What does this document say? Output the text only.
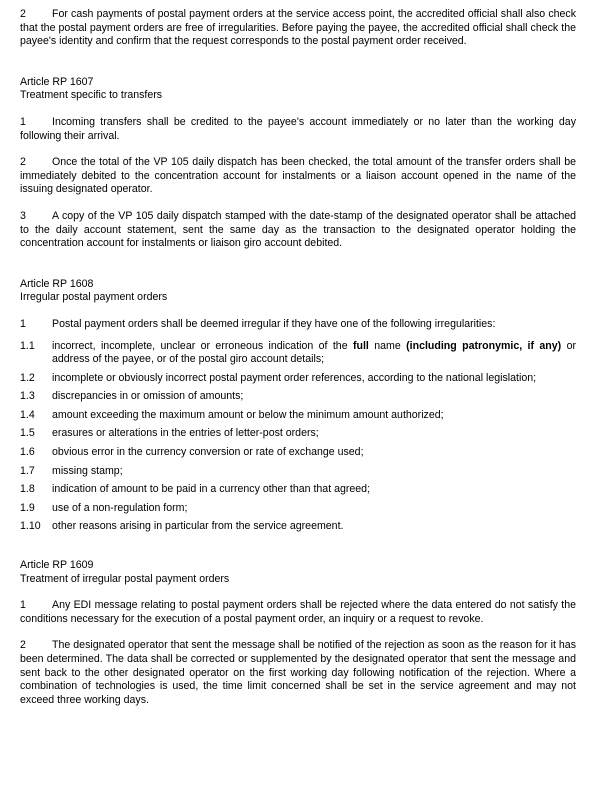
2 For cash payments of postal payment orders at the service access point, the accredited official shall also check that the postal payment orders are free of irregularities. Before paying the payee, the accredited official shall check the payee's identity and confirm that the request corresponds to the postal payment order received.

Article RP 1607

Treatment specific to transfers

1 Incoming transfers shall be credited to the payee's account immediately or no later than the working day following their arrival.

2 Once the total of the VP 105 daily dispatch has been checked, the total amount of the transfer orders shall be immediately debited to the concentration account for instalments or a liaison account opened in the name of the issuing designated operator.

3 A copy of the VP 105 daily dispatch stamped with the date-stamp of the designated operator shall be attached to the daily account statement, sent the same day as the transaction to the designated operator holding the concentration account for instalments or liaison giro account debited.

Article RP 1608

Irregular postal payment orders

1	Postal payment orders shall be deemed irregular if they have one of the following irregularities:
1.1	incorrect, incomplete, unclear or erroneous indication of the full name (including patronymic, if any) or address of the payee, or of the postal giro account details;
1.2	incomplete or obviously incorrect postal payment order references, according to the national legislation;
1.3	discrepancies in or omission of amounts;
1.4	amount exceeding the maximum amount or below the minimum amount authorized;
1.5	erasures or alterations in the entries of letter-post orders;
1.6	obvious error in the currency conversion or rate of exchange used;
1.7	missing stamp;
1.8	indication of amount to be paid in a currency other than that agreed;
1.9	use of a non-regulation form;
1.10	other reasons arising in particular from the service agreement.

Article RP 1609

Treatment of irregular postal payment orders

1 Any EDI message relating to postal payment orders shall be rejected where the data entered do not satisfy the conditions necessary for the execution of a postal payment order, an inquiry or a request to revoke.

2 The designated operator that sent the message shall be notified of the rejection as soon as the reason for it has been determined. The data shall be corrected or supplemented by the designated operator that sent the message and sent back to the other designated operator on the first working day following notification of the rejection. Where a combination of technologies is used, the time limit concerned shall be set in the service agreement and may not exceed three working days.
